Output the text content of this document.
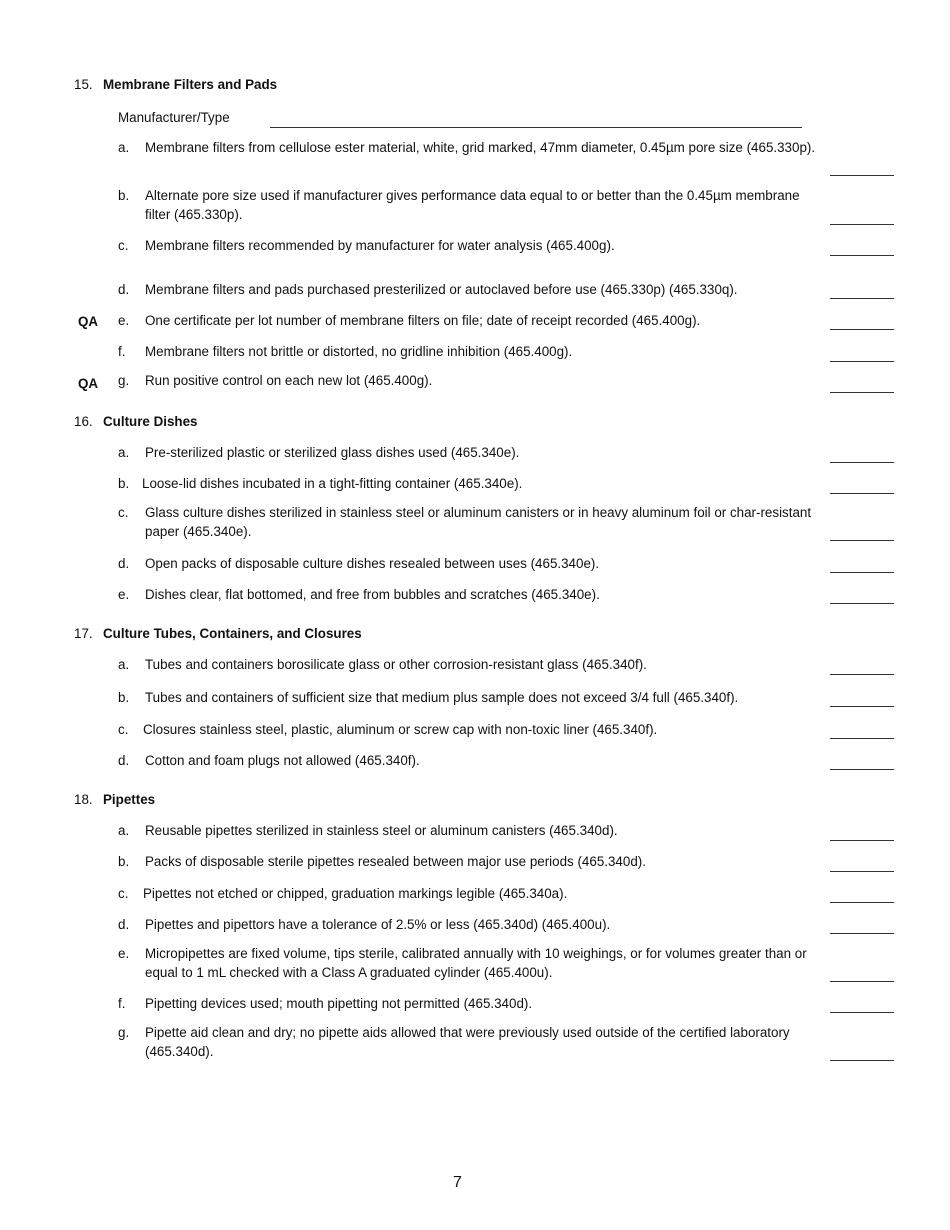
15. Membrane Filters and Pads
Manufacturer/Type
a. Membrane filters from cellulose ester material, white, grid marked, 47mm diameter, 0.45µm pore size (465.330p).
b. Alternate pore size used if manufacturer gives performance data equal to or better than the 0.45µm membrane filter (465.330p).
c. Membrane filters recommended by manufacturer for water analysis (465.400g).
d. Membrane filters and pads purchased presterilized or autoclaved before use (465.330p) (465.330q).
QA e. One certificate per lot number of membrane filters on file; date of receipt recorded (465.400g).
f. Membrane filters not brittle or distorted, no gridline inhibition (465.400g).
QA g. Run positive control on each new lot (465.400g).
16. Culture Dishes
a. Pre-sterilized plastic or sterilized glass dishes used (465.340e).
b. Loose-lid dishes incubated in a tight-fitting container (465.340e).
c. Glass culture dishes sterilized in stainless steel or aluminum canisters or in heavy aluminum foil or char-resistant paper (465.340e).
d. Open packs of disposable culture dishes resealed between uses (465.340e).
e. Dishes clear, flat bottomed, and free from bubbles and scratches (465.340e).
17. Culture Tubes, Containers, and Closures
a. Tubes and containers borosilicate glass or other corrosion-resistant glass (465.340f).
b. Tubes and containers of sufficient size that medium plus sample does not exceed 3/4 full (465.340f).
c. Closures stainless steel, plastic, aluminum or screw cap with non-toxic liner (465.340f).
d. Cotton and foam plugs not allowed (465.340f).
18. Pipettes
a. Reusable pipettes sterilized in stainless steel or aluminum canisters (465.340d).
b. Packs of disposable sterile pipettes resealed between major use periods (465.340d).
c. Pipettes not etched or chipped, graduation markings legible (465.340a).
d. Pipettes and pipettors have a tolerance of 2.5% or less (465.340d) (465.400u).
e. Micropipettes are fixed volume, tips sterile, calibrated annually with 10 weighings, or for volumes greater than or equal to 1 mL checked with a Class A graduated cylinder (465.400u).
f. Pipetting devices used; mouth pipetting not permitted (465.340d).
g. Pipette aid clean and dry; no pipette aids allowed that were previously used outside of the certified laboratory (465.340d).
7
